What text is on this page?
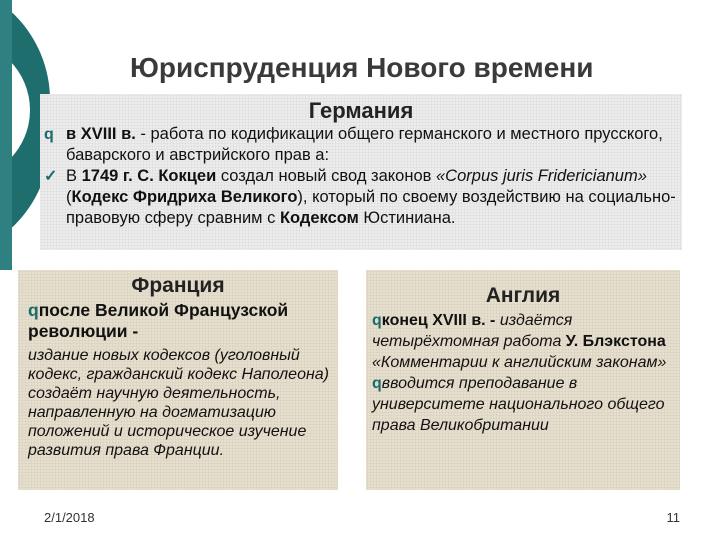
Юриспруденция Нового времени
Германия
q
✓
в XVIII в. - работа по кодификации общего германского и местного прусского, баварского и австрийского прав а:
В 1749 г. С. Кокцеи создал новый свод законов «Corpus juris Fridericianum» (Кодекс Фридриха Великого), который по своему воздействию на социально-правовую сферу сравним с Кодексом Юстиниана.
Франция
qпосле Великой Французской революции -
издание новых кодексов (уголовный кодекс, гражданский кодекс Наполеона) создаёт научную деятельность, направленную на догматизацию положений и историческое изучение развития права Франции.
Англия
qконец XVIII в. - издаётся четырёхтомная работа У. Блэкстона «Комментарии к английским законам»
qвводится преподавание в университете национального общего права Великобритании
2/1/2018	11
